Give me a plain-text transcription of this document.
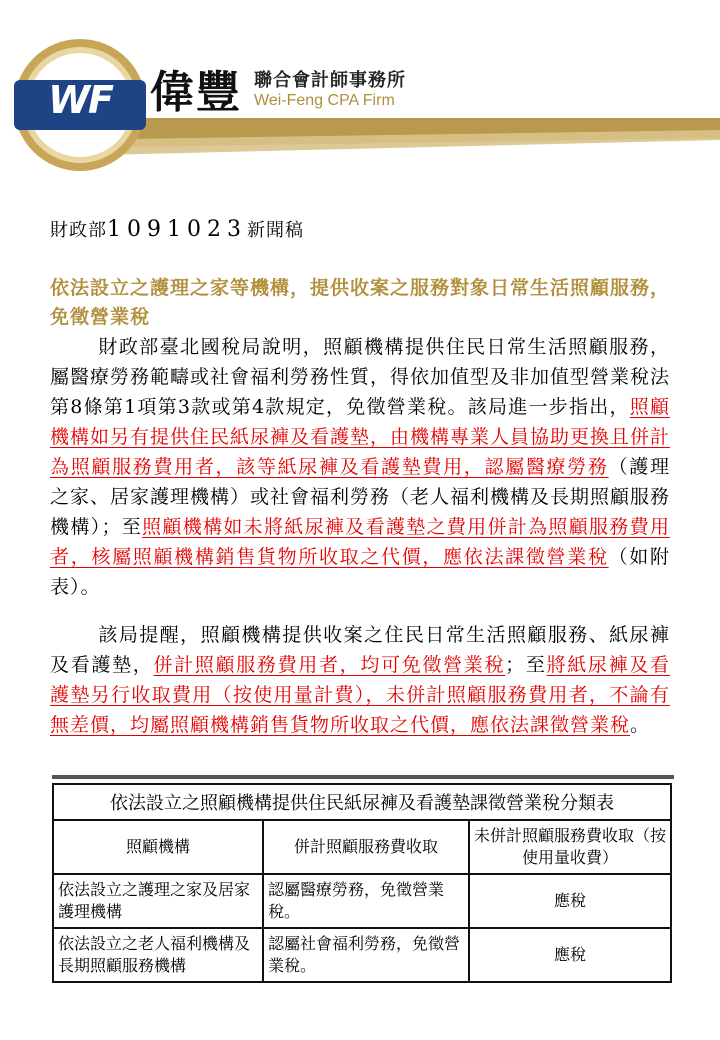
WF 偉豐 聯合會計師事務所
Wei-Feng CPA Firm
財政部1091023新聞稿
依法設立之護理之家等機構，提供收案之服務對象日常生活照顧服務，免徵營業稅
財政部臺北國稅局說明，照顧機構提供住民日常生活照顧服務，屬醫療勞務範疇或社會福利勞務性質，得依加值型及非加值型營業稅法第8條第1項第3款或第4款規定，免徵營業稅。該局進一步指出，照顧機構如另有提供住民紙尿褲及看護墊，由機構專業人員協助更換且併計為照顧服務費用者，該等紙尿褲及看護墊費用，認屬醫療勞務（護理之家、居家護理機構）或社會福利勞務（老人福利機構及長期照顧服務機構）；至照顧機構如未將紙尿褲及看護墊之費用併計為照顧服務費用者，核屬照顧機構銷售貨物所收取之代價，應依法課徵營業稅（如附表）。
該局提醒，照顧機構提供收案之住民日常生活照顧服務、紙尿褲及看護墊，併計照顧服務費用者，均可免徵營業稅；至將紙尿褲及看護墊另行收取費用（按使用量計費），未併計照顧服務費用者，不論有無差價，均屬照顧機構銷售貨物所收取之代價，應依法課徵營業稅。
依法設立之照顧機構提供住民紙尿褲及看護墊課徵營業稅分類表		
照顧機構	併計照顧服務費收取	未併計照顧服務費收取（按使用量收費）
依法設立之護理之家及居家護理機構	認屬醫療勞務，免徵營業稅。	應稅
依法設立之老人福利機構及長期照顧服務機構	認屬社會福利勞務，免徵營業稅。	應稅
